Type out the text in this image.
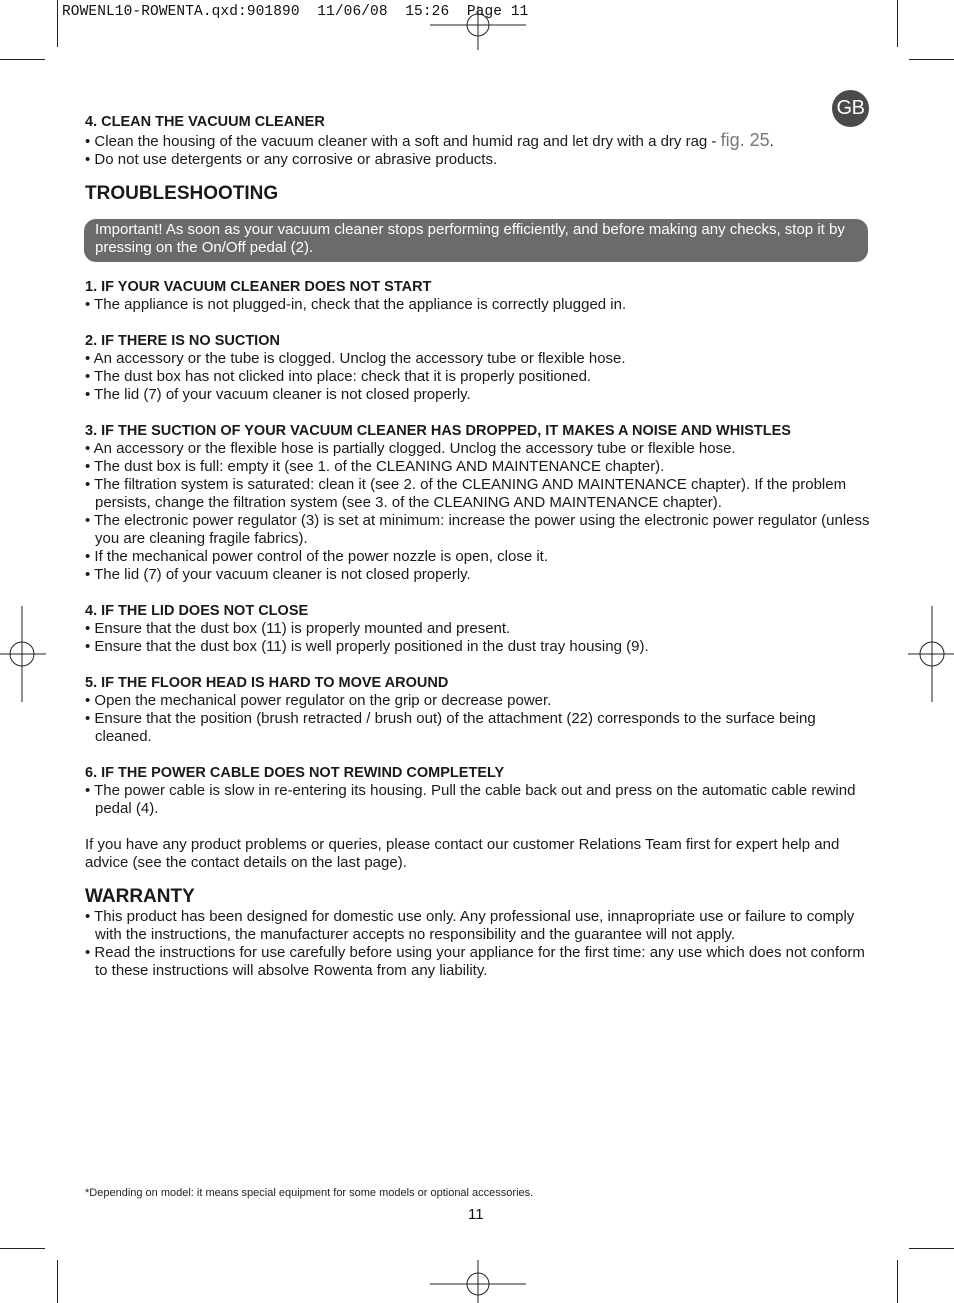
ROWENL10-ROWENTA.qxd:901890  11/06/08  15:26  Page 11
GB
4. CLEAN THE VACUUM CLEANER
• Clean the housing of the vacuum cleaner with a soft and humid rag and let dry with a dry rag - fig. 25.
• Do not use detergents or any corrosive or abrasive products.
TROUBLESHOOTING
Important! As soon as your vacuum cleaner stops performing efficiently, and before making any checks, stop it by pressing on the On/Off pedal (2).
1. IF YOUR VACUUM CLEANER DOES NOT START
• The appliance is not plugged-in, check that the appliance is correctly plugged in.
2. IF THERE IS NO SUCTION
• An accessory or the tube is clogged. Unclog the accessory tube or flexible hose.
• The dust box has not clicked into place: check that it is properly positioned.
• The lid (7) of your vacuum cleaner is not closed properly.
3. IF THE SUCTION OF YOUR VACUUM CLEANER HAS DROPPED, IT MAKES A NOISE AND WHISTLES
• An accessory or the flexible hose is partially clogged. Unclog the accessory tube or flexible hose.
• The dust box is full: empty it (see 1. of the CLEANING AND MAINTENANCE chapter).
• The filtration system is saturated: clean it (see 2. of the CLEANING AND MAINTENANCE chapter). If the problem persists, change the filtration system (see 3. of the CLEANING AND MAINTENANCE chapter).
• The electronic power regulator (3) is set at minimum: increase the power using the electronic power regulator (unless you are cleaning fragile fabrics).
• If the mechanical power control of the power nozzle is open, close it.
• The lid (7) of your vacuum cleaner is not closed properly.
4. IF THE LID DOES NOT CLOSE
• Ensure that the dust box (11) is properly mounted and present.
• Ensure that the dust box (11) is well properly positioned in the dust tray housing (9).
5. IF THE FLOOR HEAD IS HARD TO MOVE AROUND
• Open the mechanical power regulator on the grip or decrease power.
• Ensure that the position (brush retracted / brush out) of the attachment (22) corresponds to the surface being cleaned.
6. IF THE POWER CABLE DOES NOT REWIND COMPLETELY
• The power cable is slow in re-entering its housing. Pull the cable back out and press on the automatic cable rewind pedal (4).
If you have any product problems or queries, please contact our customer Relations Team first for expert help and advice (see the contact details on the last page).
WARRANTY
• This product has been designed for domestic use only. Any professional use, innapropriate use or failure to comply with the instructions, the manufacturer accepts no responsibility and the guarantee will not apply.
• Read the instructions for use carefully before using your appliance for the first time: any use which does not conform to these instructions will absolve Rowenta from any liability.
*Depending on model: it means special equipment for some models or optional accessories.
11
